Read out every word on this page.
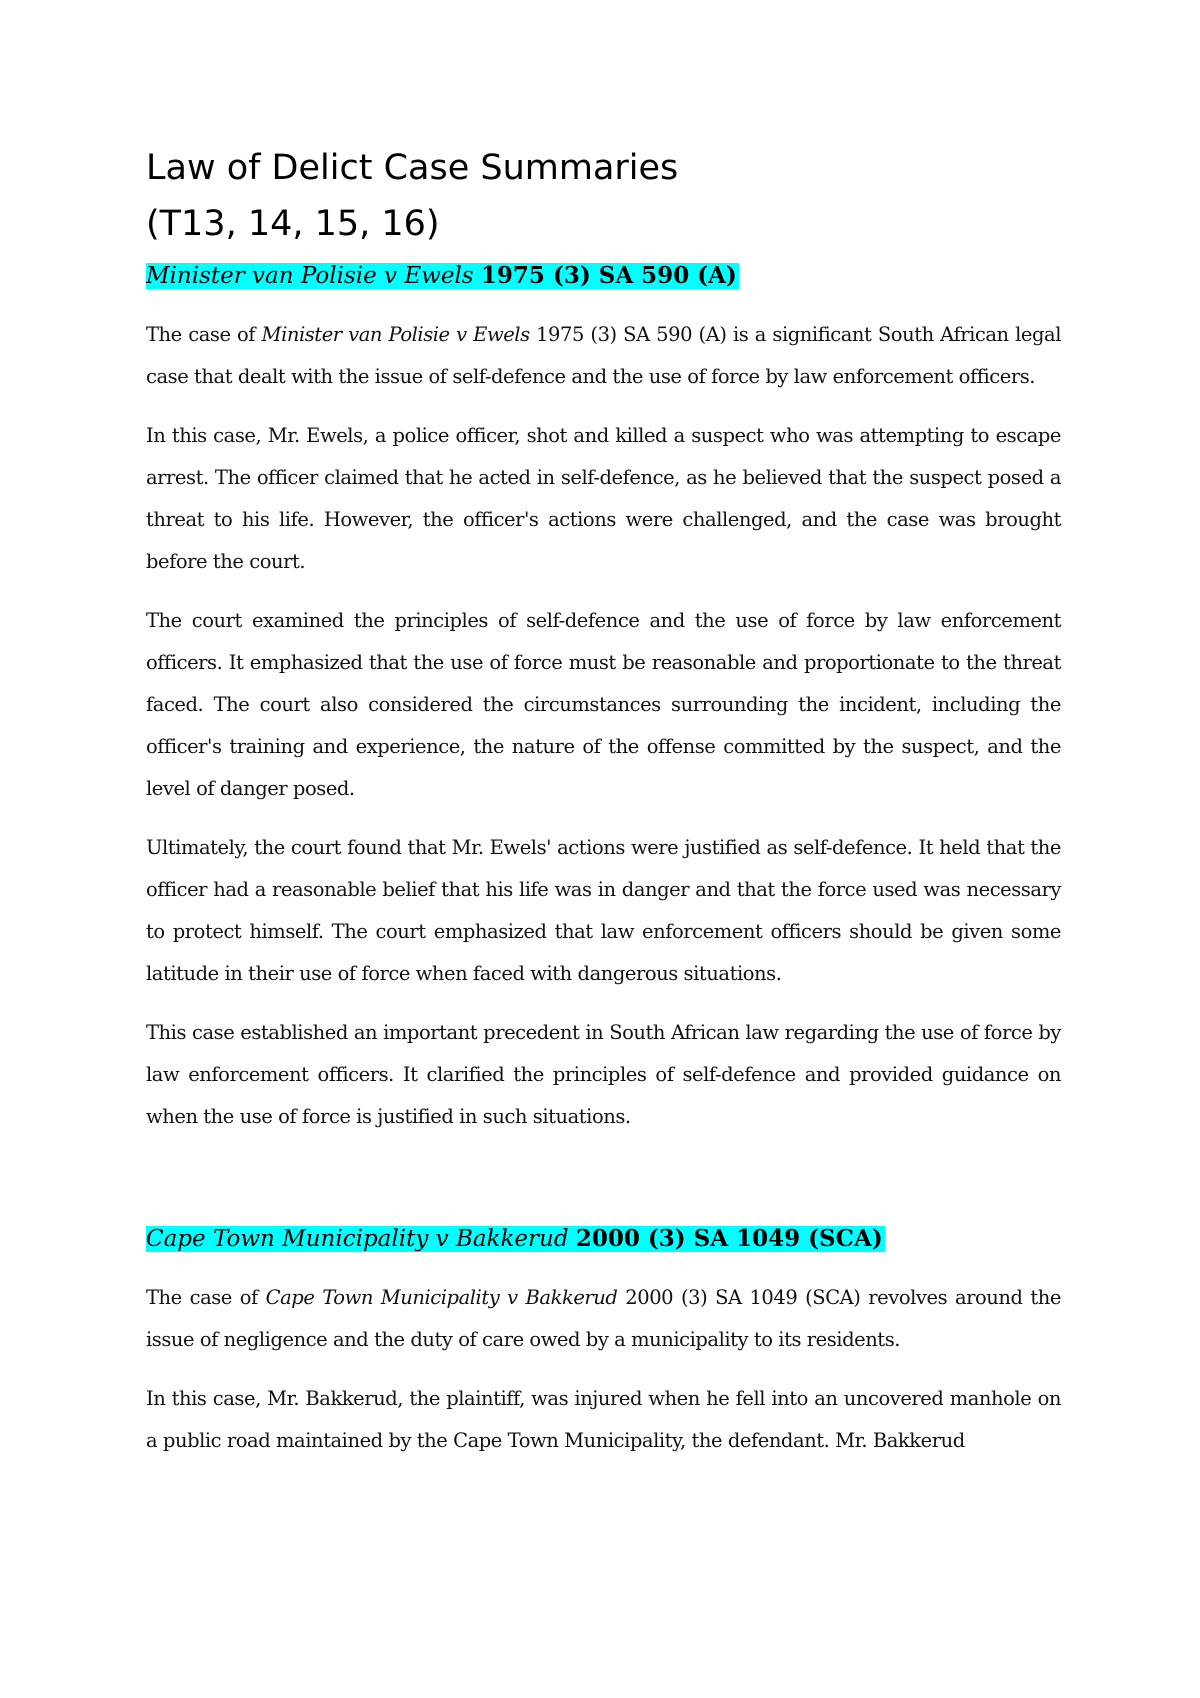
Law of Delict Case Summaries
(T13, 14, 15, 16)
Minister van Polisie v Ewels 1975 (3) SA 590 (A)

The case of Minister van Polisie v Ewels 1975 (3) SA 590 (A) is a significant South African legal case that dealt with the issue of self-defence and the use of force by law enforcement officers.

In this case, Mr. Ewels, a police officer, shot and killed a suspect who was attempting to escape arrest. The officer claimed that he acted in self-defence, as he believed that the suspect posed a threat to his life. However, the officer's actions were challenged, and the case was brought before the court.

The court examined the principles of self-defence and the use of force by law enforcement officers. It emphasized that the use of force must be reasonable and proportionate to the threat faced. The court also considered the circumstances surrounding the incident, including the officer's training and experience, the nature of the offense committed by the suspect, and the level of danger posed.

Ultimately, the court found that Mr. Ewels' actions were justified as self-defence. It held that the officer had a reasonable belief that his life was in danger and that the force used was necessary to protect himself. The court emphasized that law enforcement officers should be given some latitude in their use of force when faced with dangerous situations.

This case established an important precedent in South African law regarding the use of force by law enforcement officers. It clarified the principles of self-defence and provided guidance on when the use of force is justified in such situations.

Cape Town Municipality v Bakkerud 2000 (3) SA 1049 (SCA)

The case of Cape Town Municipality v Bakkerud 2000 (3) SA 1049 (SCA) revolves around the issue of negligence and the duty of care owed by a municipality to its residents.

In this case, Mr. Bakkerud, the plaintiff, was injured when he fell into an uncovered manhole on a public road maintained by the Cape Town Municipality, the defendant. Mr. Bakkerud
